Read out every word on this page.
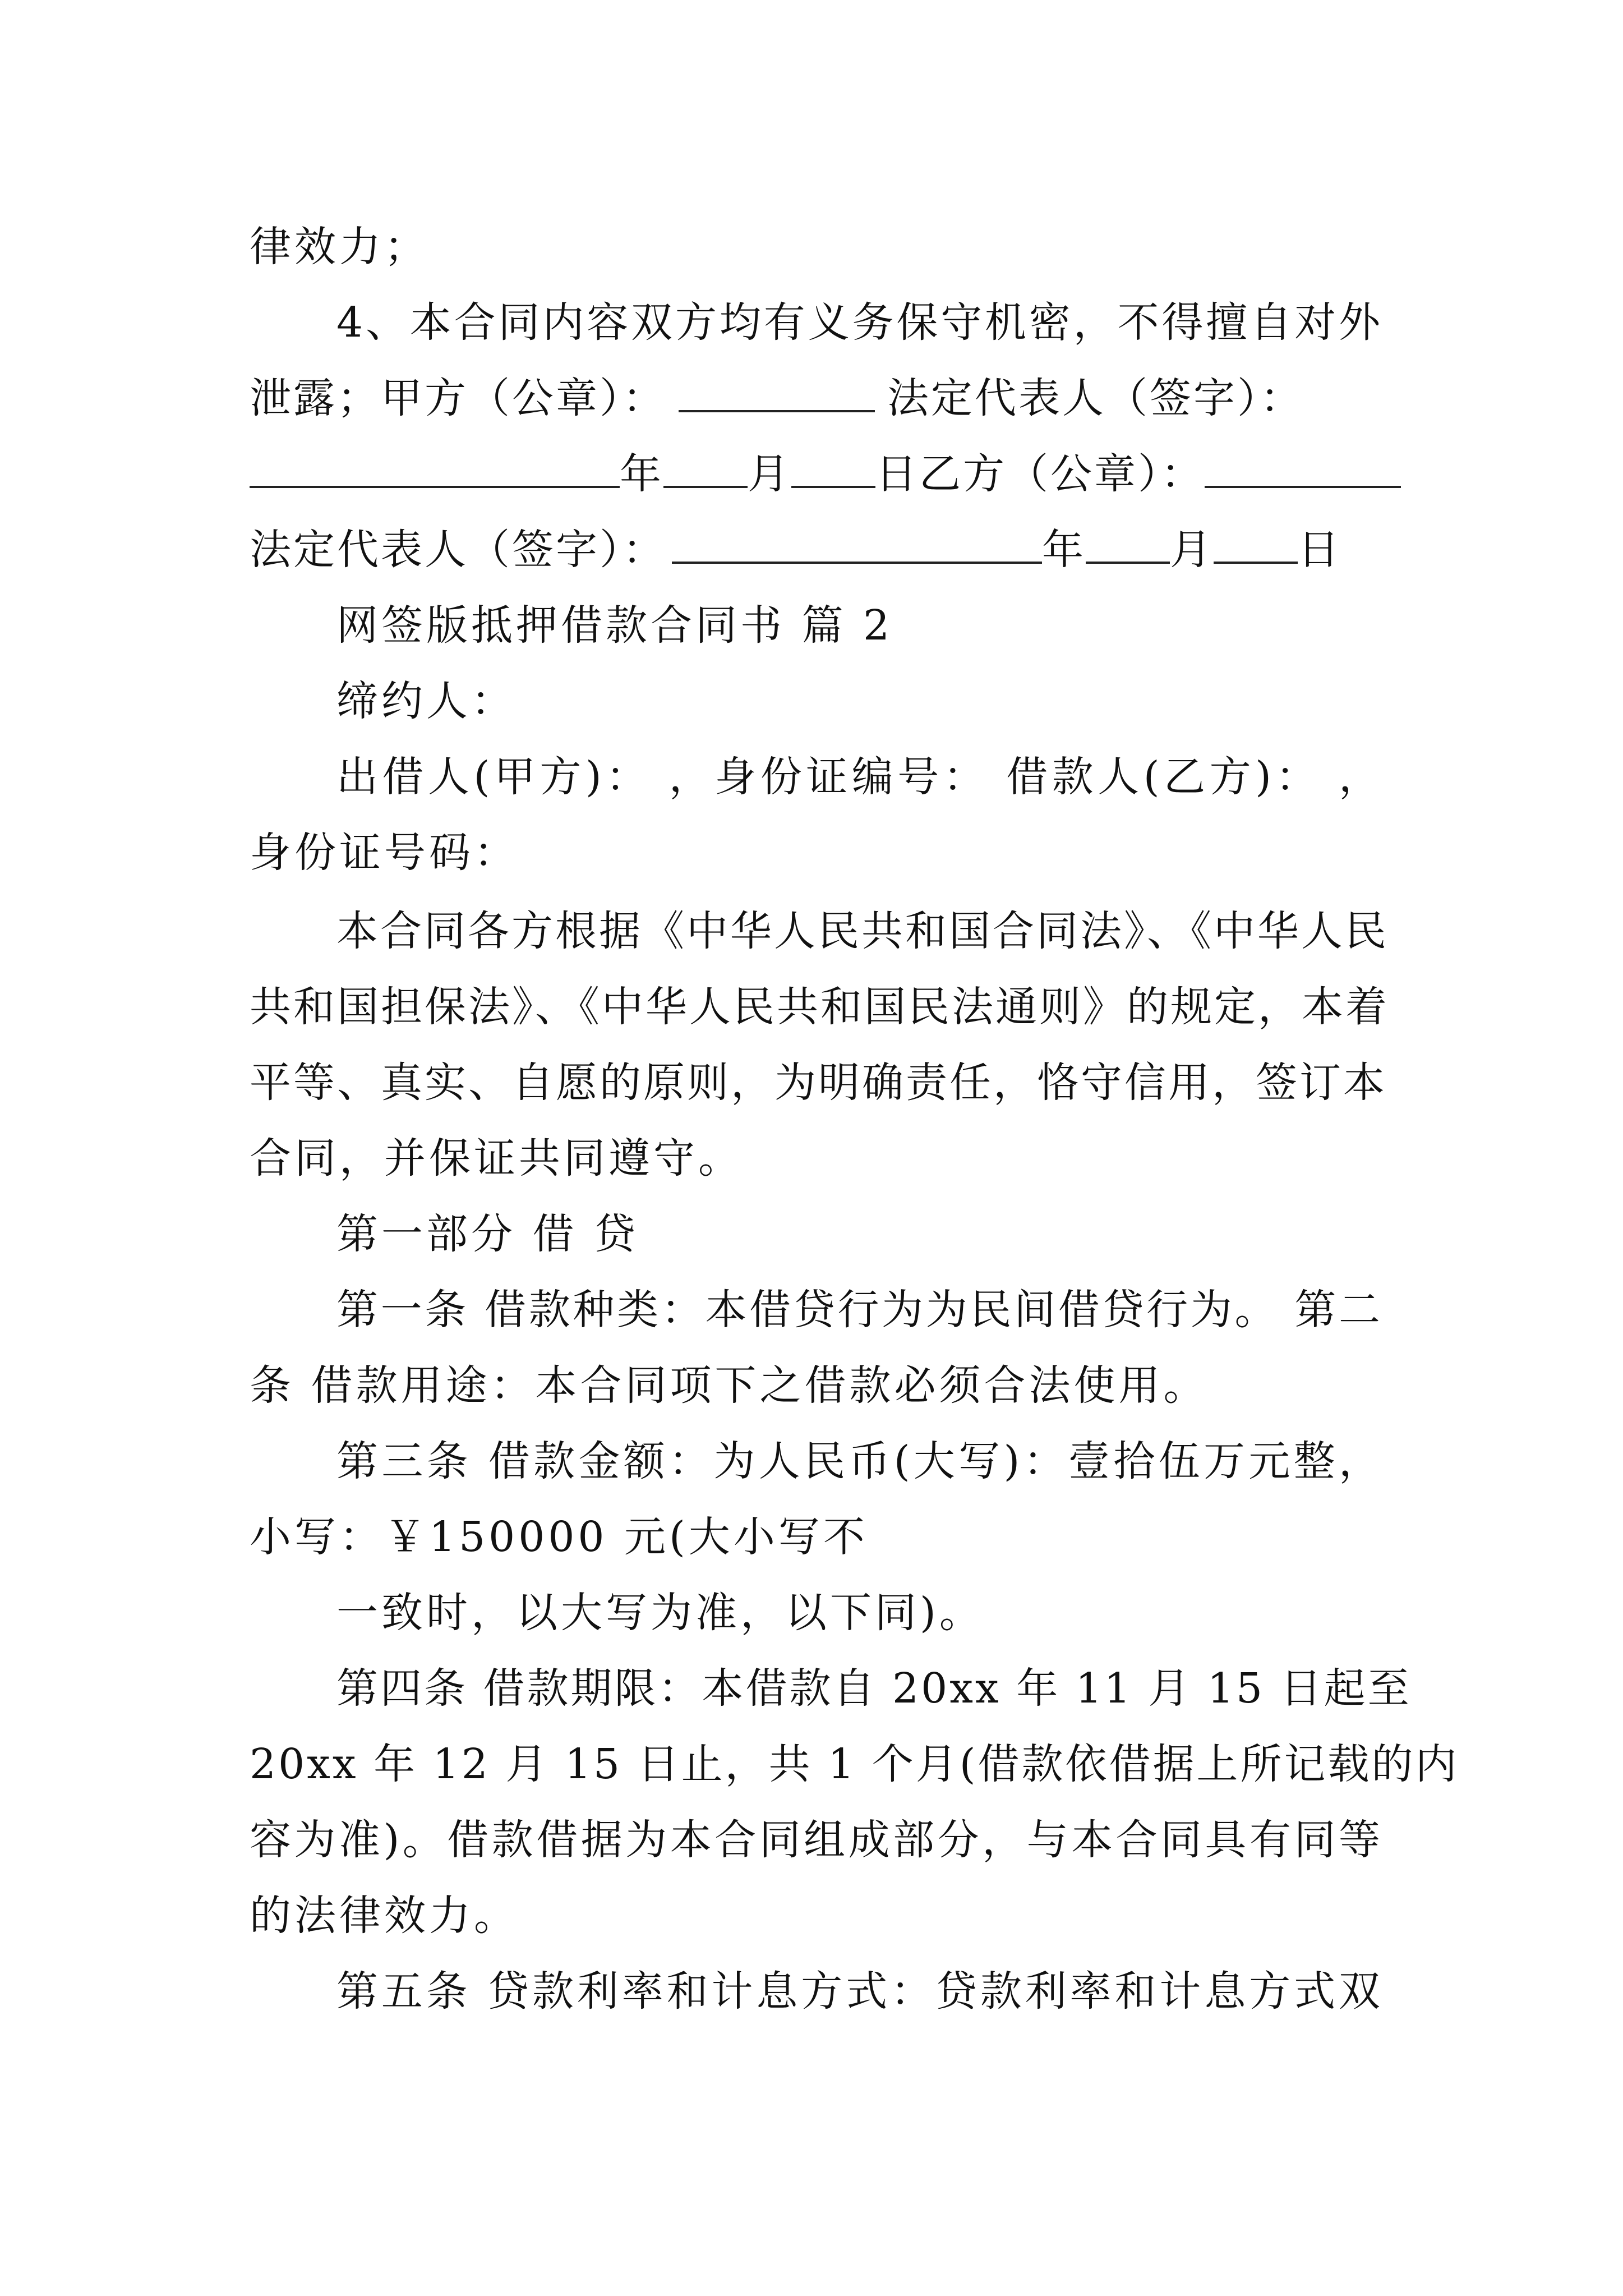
律效力；
4、本合同内容双方均有义务保守机密，不得擅自对外
泄露；甲方（公章）：	法定代表人（签字）：
年 月 日乙方（公章）：
法定代表人（签字）：	年 月 日
网签版抵押借款合同书 篇 2
缔约人：
出借人(甲方)： ，身份证编号： 借款人(乙方)： ，
身份证号码：
本合同各方根据《中华人民共和国合同法》、《中华人民
共和国担保法》、《中华人民共和国民法通则》的规定，本着
平等、真实、自愿的原则，为明确责任，恪守信用，签订本
合同，并保证共同遵守。
第一部分 借 贷
第一条 借款种类：本借贷行为为民间借贷行为。 第二
条 借款用途：本合同项下之借款必须合法使用。
第三条 借款金额：为人民币(大写)：壹拾伍万元整，
小写：￥150000 元(大小写不
一致时，以大写为准，以下同)。
第四条 借款期限：本借款自 20xx 年 11 月 15 日起至
20xx 年 12 月 15 日止，共 1 个月(借款依借据上所记载的内
容为准)。借款借据为本合同组成部分，与本合同具有同等
的法律效力。
第五条 贷款利率和计息方式：贷款利率和计息方式双
